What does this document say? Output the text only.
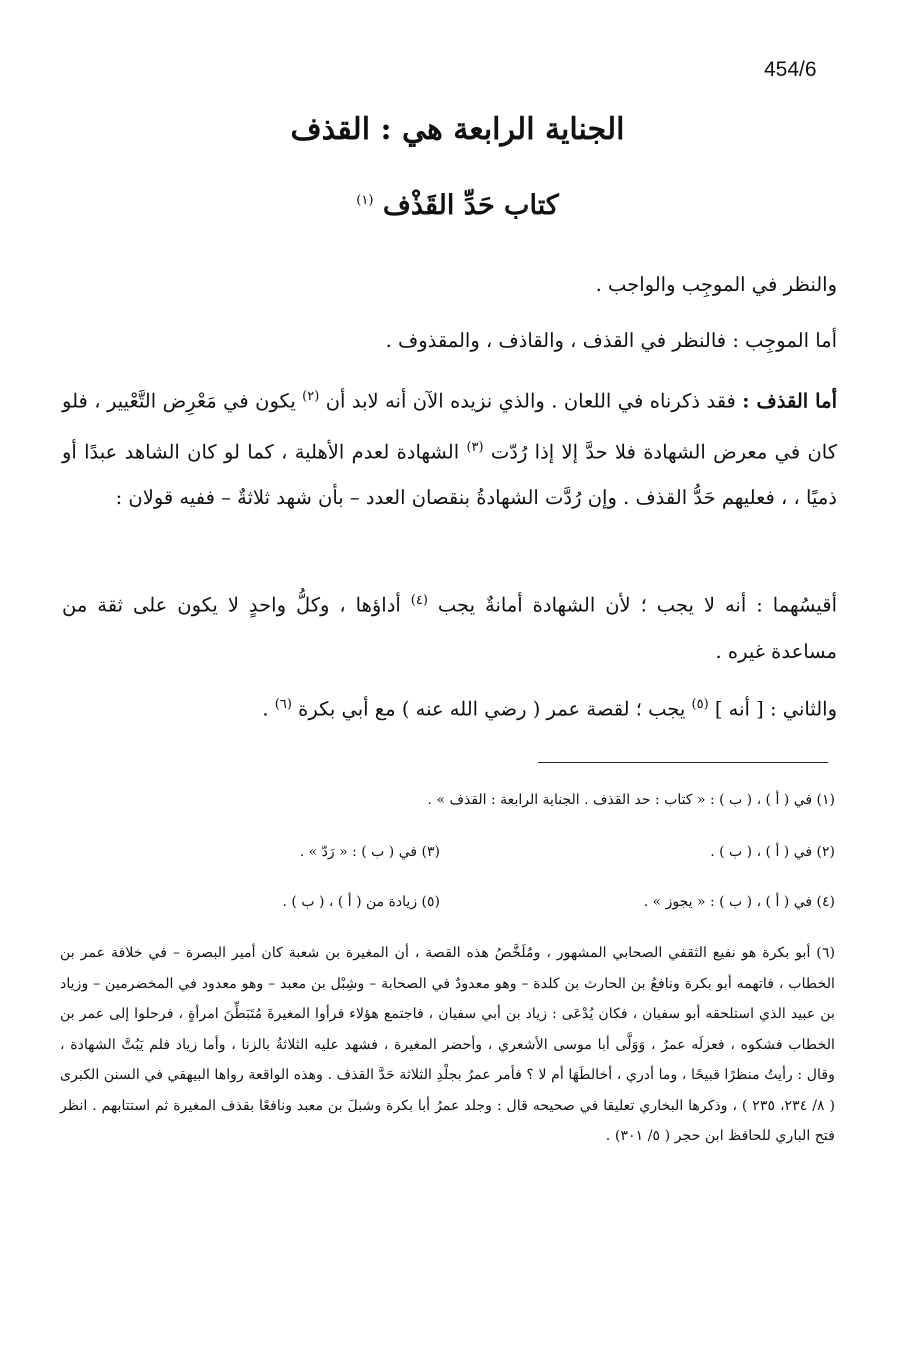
454/6
الجناية الرابعة هي : القذف
كتاب حَدِّ القَذْف $^{(١)}$
والنظر في الموجِب والواجب .
أما الموجِب : فالنظر في القذف ، والقاذف ، والمقذوف .
أما القذف : فقد ذكرناه في اللعان . والذي نزيده الآن أنه لابد أن $^{(٢)}$ يكون في مَعْرِض التَّعْيير ، فلو كان في معرض الشهادة فلا حدَّ إلا إذا رُدّت $^{(٣)}$ الشهادة لعدم الأهلية ، كما لو كان الشاهد عبدًا أو ذميًا ، ، فعليهم حَدُّ القذف . وإن رُدَّت الشهادةُ بنقصان العدد – بأن شهد ثلاثةٌ – ففيه قولان :
أقيسُهما : أنه لا يجب ؛ لأن الشهادة أمانةٌ يجب $^{(٤)}$ أداؤها ، وكلُّ واحدٍ لا يكون على ثقة من مساعدة غيره .
والثاني : [ أنه ] $^{(٥)}$ يجب ؛ لقصة عمر ( رضي الله عنه ) مع أبي بكرة $^{(٦)}$ .
(١) في ( أ ) ، ( ب ) : « كتاب : حد القذف . الجناية الرابعة : القذف » .
(٢) في ( أ ) ، ( ب ) .
(٣) في ( ب ) : « رَدّ » .
(٤) في ( أ ) ، ( ب ) : « يجوز » .
(٥) زيادة من ( أ ) ، ( ب ) .
(٦) أبو بكرة هو نفيع الثقفي الصحابي المشهور ، ومُلَخَّصُ هذه القصة ، أن المغيرة بن شعبة كان أمير البصرة – في خلافة عمر بن الخطاب ، فاتهمه أبو بكرة ونافعُ بن الحارث بن كلدة – وهو معدودٌ في الصحابة – وشِبْل بن معبد – وهو معدود في المخضرمين – وزياد بن عبيد الذي استلحقه أبو سفيان ، فكان يُدْعَى : زياد بن أبي سفيان ، فاجتمع هؤلاء فرأوا المغيرةَ مُتَبَطِّنَ امرأةٍ ، فرحلوا إلى عمر بن الخطاب فشكوه ، فعزلَه عمرُ ، وَوَلَّى أبا موسى الأشعري ، وأحضر المغيرة ، فشهد عليه الثلاثةُ بالزنا ، وأما زياد فلم يَبُتَّ الشهادة ، وقال : رأيتُ منظرًا قبيحًا ، وما أدري ، أخالطَهَا أم لا ؟ فأمر عمرُ بجلْدِ الثلاثة حَدَّ القذف . وهذه الواقعة رواها البيهقي في السنن الكبرى ( ٨/ ٢٣٤، ٢٣٥ ) ، وذكرها البخاري تعليقا في صحيحه قال : وجلد عمرُ أبا بكرة وشبلَ بن معبد ونافعًا بقذف المغيرة ثم استتابهم . انظر فتح الباري للحافظ ابن حجر ( ٥/ ٣٠١) .
